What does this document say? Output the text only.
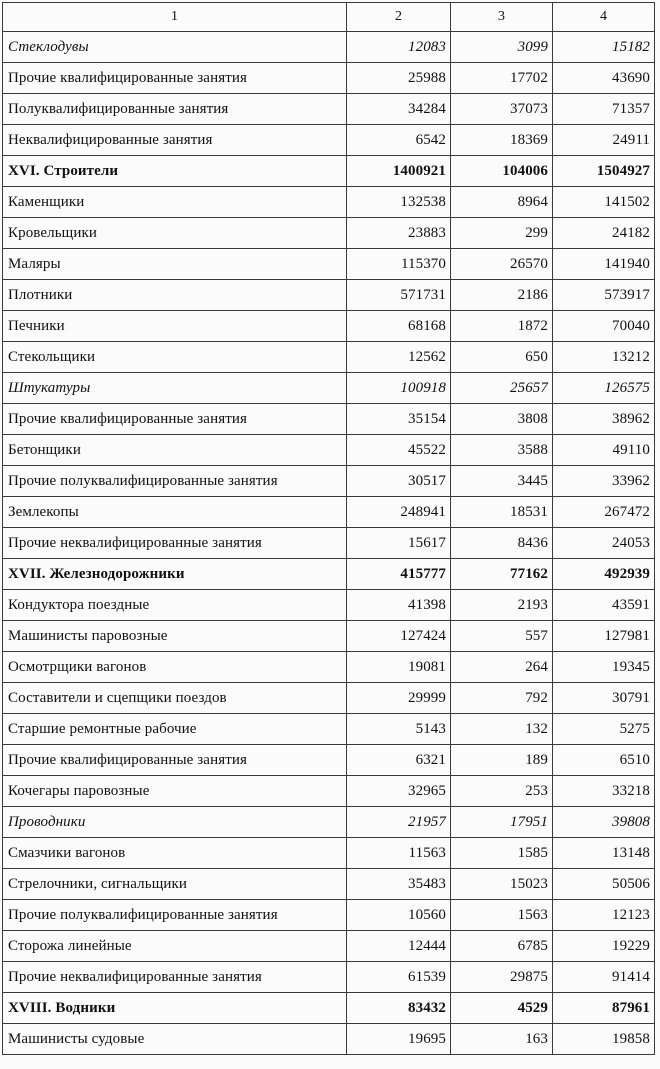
1	2	3	4
Стеклодувы	12083	3099	15182
Прочие квалифицированные занятия	25988	17702	43690
Полуквалифицированные занятия	34284	37073	71357
Неквалифицированные занятия	6542	18369	24911
XVI. Строители	1400921	104006	1504927
Каменщики	132538	8964	141502
Кровельщики	23883	299	24182
Маляры	115370	26570	141940
Плотники	571731	2186	573917
Печники	68168	1872	70040
Стекольщики	12562	650	13212
Штукатуры	100918	25657	126575
Прочие квалифицированные занятия	35154	3808	38962
Бетонщики	45522	3588	49110
Прочие полуквалифицированные занятия	30517	3445	33962
Землекопы	248941	18531	267472
Прочие неквалифицированные занятия	15617	8436	24053
XVII. Железнодорожники	415777	77162	492939
Кондуктора поездные	41398	2193	43591
Машинисты паровозные	127424	557	127981
Осмотрщики вагонов	19081	264	19345
Составители и сцепщики поездов	29999	792	30791
Старшие ремонтные рабочие	5143	132	5275
Прочие квалифицированные занятия	6321	189	6510
Кочегары паровозные	32965	253	33218
Проводники	21957	17951	39808
Смазчики вагонов	11563	1585	13148
Стрелочники, сигнальщики	35483	15023	50506
Прочие полуквалифицированные занятия	10560	1563	12123
Сторожа линейные	12444	6785	19229
Прочие неквалифицированные занятия	61539	29875	91414
XVIII. Водники	83432	4529	87961
Машинисты судовые	19695	163	19858
